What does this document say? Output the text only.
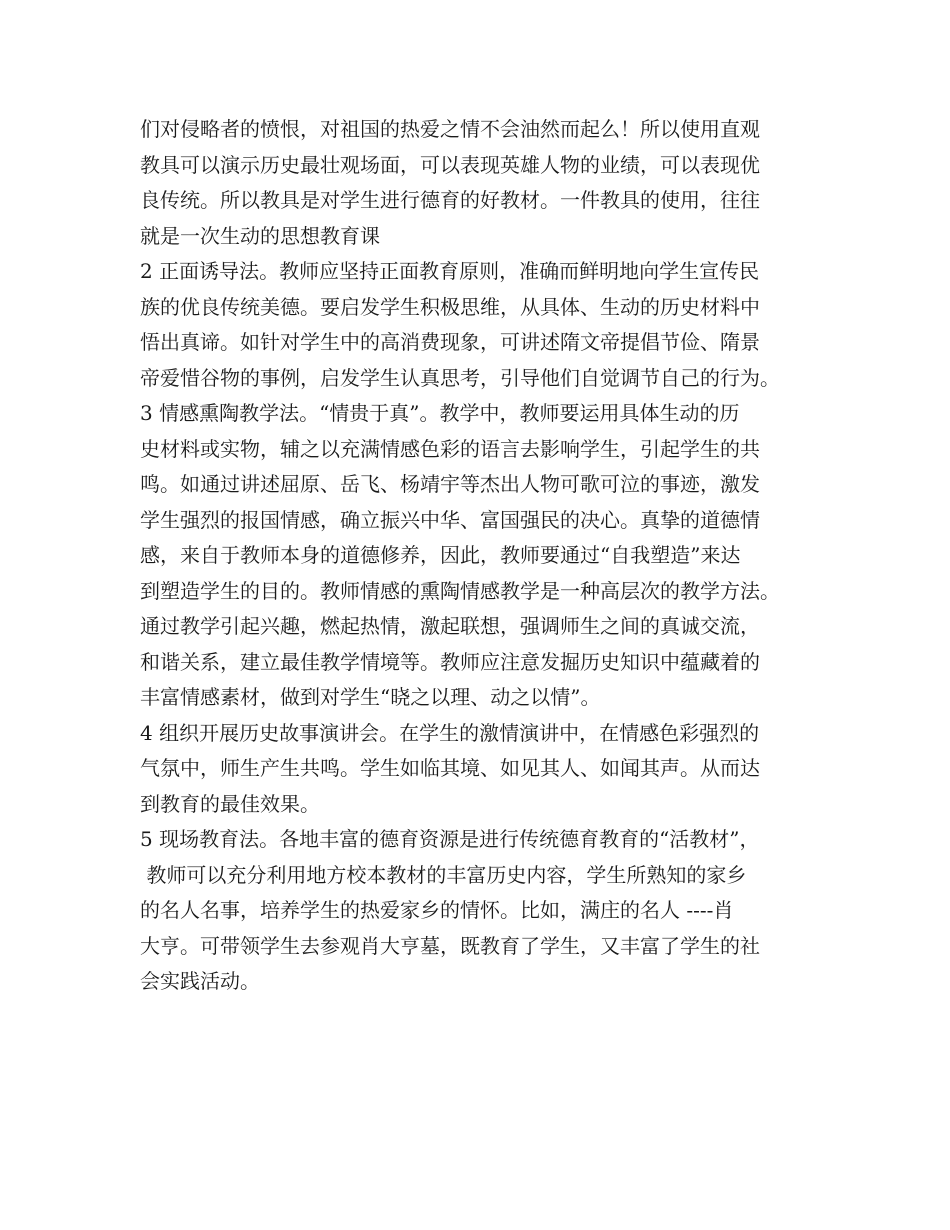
们对侵略者的愤恨，对祖国的热爱之情不会油然而起么！所以使用直观
教具可以演示历史最壮观场面，可以表现英雄人物的业绩，可以表现优
良传统。所以教具是对学生进行德育的好教材。一件教具的使用，往往
就是一次生动的思想教育课
2 正面诱导法。教师应坚持正面教育原则，准确而鲜明地向学生宣传民
族的优良传统美德。要启发学生积极思维，从具体、生动的历史材料中
悟出真谛。如针对学生中的高消费现象，可讲述隋文帝提倡节俭、隋景
帝爱惜谷物的事例，启发学生认真思考，引导他们自觉调节自己的行为。
3 情感熏陶教学法。“情贵于真”。教学中，教师要运用具体生动的历
史材料或实物，辅之以充满情感色彩的语言去影响学生，引起学生的共
鸣。如通过讲述屈原、岳飞、杨靖宇等杰出人物可歌可泣的事迹，激发
学生强烈的报国情感，确立振兴中华、富国强民的决心。真挚的道德情
感，来自于教师本身的道德修养，因此，教师要通过“自我塑造”来达
到塑造学生的目的。教师情感的熏陶情感教学是一种高层次的教学方法。
通过教学引起兴趣，燃起热情，激起联想，强调师生之间的真诚交流，
和谐关系，建立最佳教学情境等。教师应注意发掘历史知识中蕴藏着的
丰富情感素材，做到对学生“晓之以理、动之以情”。
4 组织开展历史故事演讲会。在学生的激情演讲中，在情感色彩强烈的
气氛中，师生产生共鸣。学生如临其境、如见其人、如闻其声。从而达
到教育的最佳效果。
5 现场教育法。各地丰富的德育资源是进行传统德育教育的“活教材”，
教师可以充分利用地方校本教材的丰富历史内容，学生所熟知的家乡
的名人名事，培养学生的热爱家乡的情怀。比如，满庄的名人 ----肖
大亨。可带领学生去参观肖大亨墓，既教育了学生，又丰富了学生的社
会实践活动。
